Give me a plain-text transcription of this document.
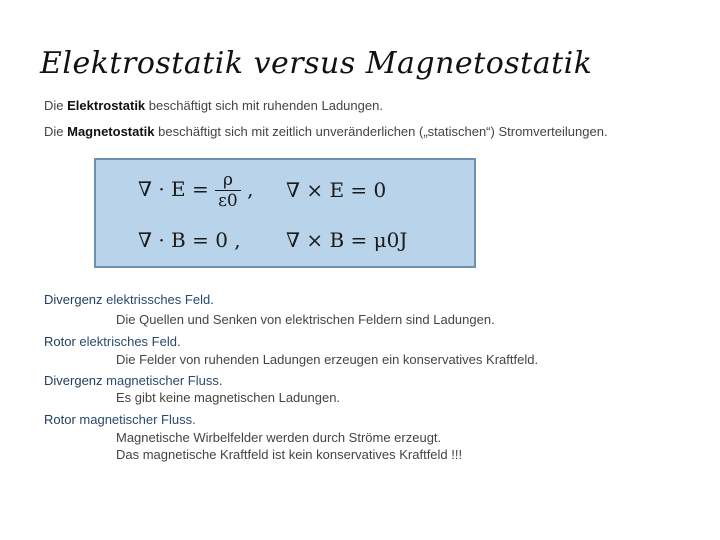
Elektrostatik versus Magnetostatik
Die Elektrostatik beschäftigt sich mit ruhenden Ladungen.
Die Magnetostatik beschäftigt sich mit zeitlich unveränderlichen („statischen“) Stromverteilungen.
∇ · $E = \frac{\rho}{\varepsilon 0}$ , ∇ × E = 0
∇ · B = 0 , ∇ × B = μ0J
Divergenz elektrissches Feld.
Die Quellen und Senken von elektrischen Feldern sind Ladungen.
Rotor elektrisches Feld.
Die Felder von ruhenden Ladungen erzeugen ein konservatives Kraftfeld.
Divergenz magnetischer Fluss.
Es gibt keine magnetischen Ladungen.
Rotor magnetischer Fluss.
Magnetische Wirbelfelder werden durch Ströme erzeugt.
Das magnetische Kraftfeld ist kein konservatives Kraftfeld !!!
